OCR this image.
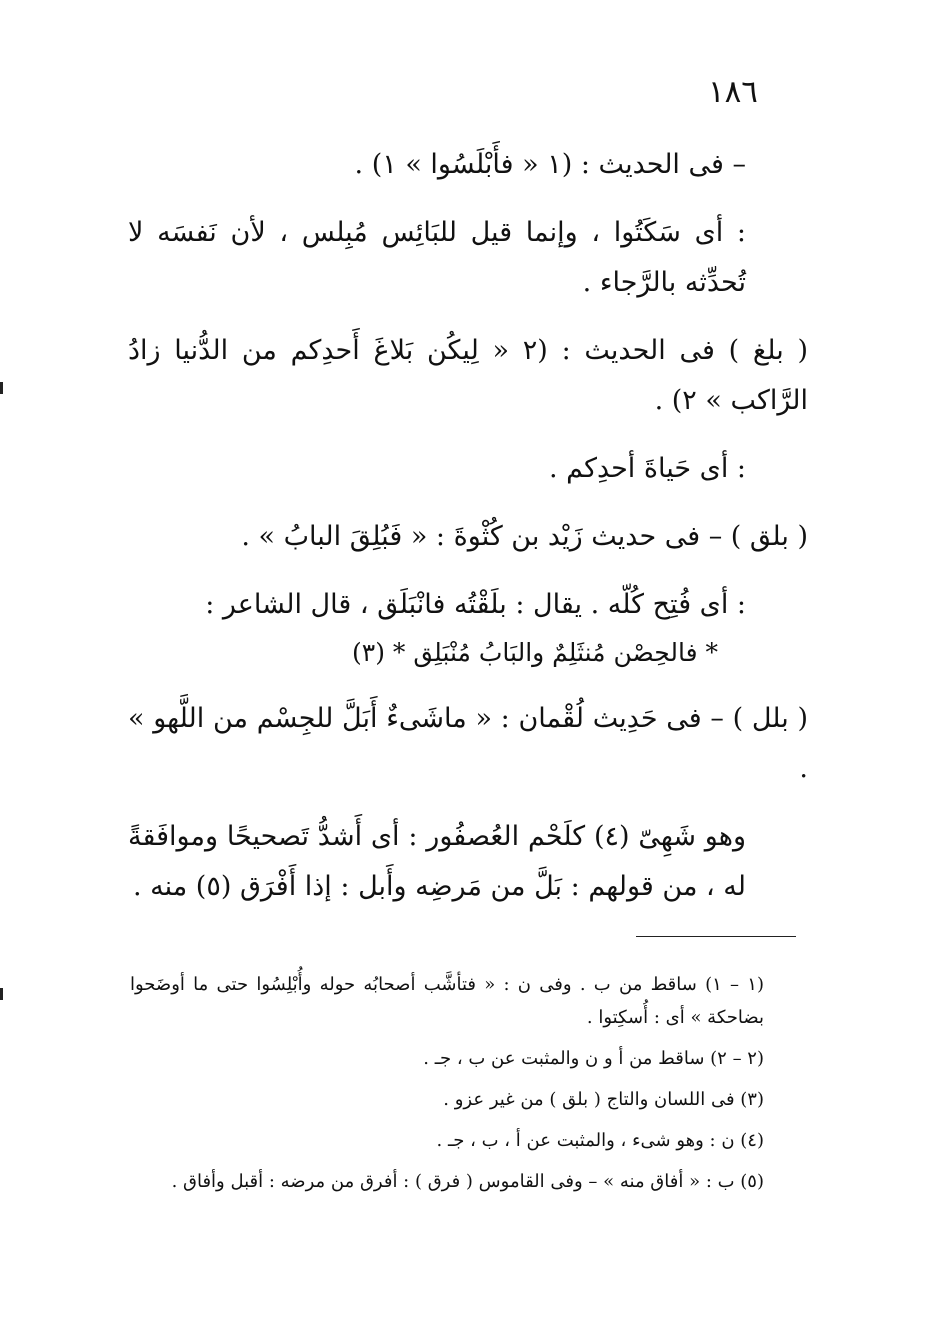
١٨٦

– فى الحديث : (١ « فأَبْلَسُوا » ١) .

: أى سَكَتُوا ، وإنما قيل للبَائِس مُبِلس ، لأن نَفسَه لا تُحدِّثه بالرَّجاء .

( بلغ ) فى الحديث : (٢ « لِيكُن بَلاغَ أَحدِكم من الدُّنيا زادُ الرَّاكب » ٢) .

: أى حَياةَ أحدِكم .

( بلق ) – فى حديث زَيْد بن كُثْوةَ : « فَبُلِقَ البابُ » .

: أى فُتِح كُلّه . يقال : بلَقْتُه فانْبَلَق ، قال الشاعر :

* فالحِصْن مُنثَلِمٌ والبَابُ مُنْبَلِق * (٣)

( بلل ) – فى حَدِيث لُقْمان : « ماشَىءٌ أَبَلَّ للجِسْم من اللَّهو » .

وهو شَهِىّ (٤) كلَحْم العُصفُور : أى أَشدُّ تَصحيحًا وموافَقةً له ، من قولهم : بَلَّ من مَرضِه وأَبل : إذا أَفْرَق (٥) منه .

(١ – ١) ساقط من ب . وفى ن : « فتأشَّب أصحابُه حوله وأُبْلِسُوا حتى ما أوضَحوا بضاحكة » أى : أُسكِتوا .

(٢ – ٢) ساقط من أ و ن والمثبت عن ب ، جـ .

(٣) فى اللسان والتاج ( بلق ) من غير عزو .

(٤) ن : وهو شىء ، والمثبت عن أ ، ب ، جـ .

(٥) ب : « أفاق منه » – وفى القاموس ( فرق ) : أفرق من مرضه : أقبل وأفاق .
